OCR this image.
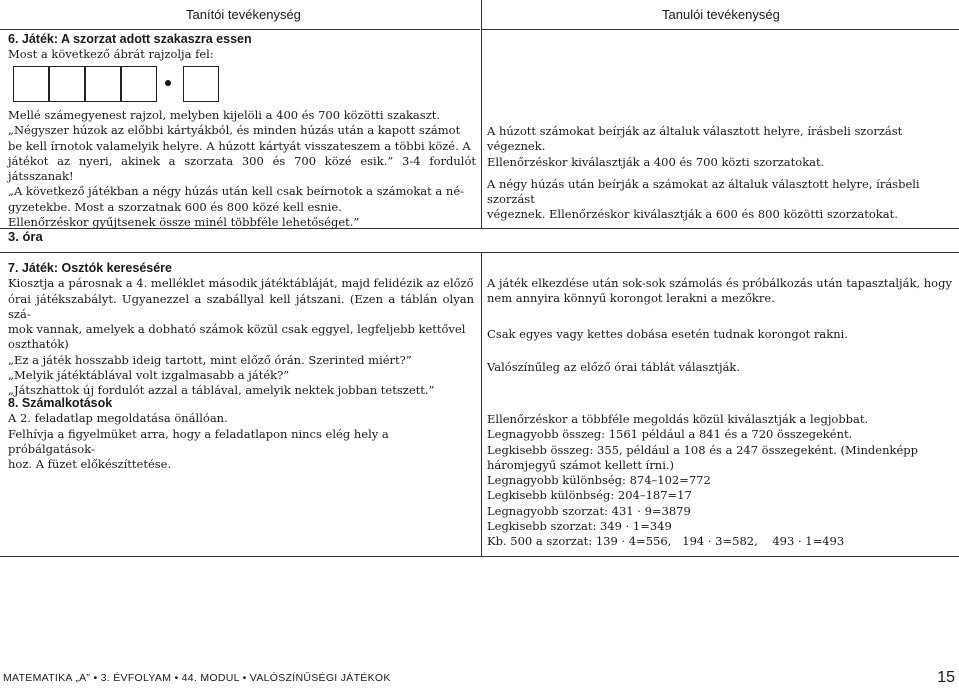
Tanítói tevékenység	Tanulói tevékenység

6. Játék: A szorzat adott szakaszra essen

Most a következő ábrát rajzolja fel:

Mellé számegyenest rajzol, melyben kijelöli a 400 és 700 közötti szakaszt.

„Négyszer húzok az előbbi kártyákból, és minden húzás után a kapott számot

be kell írnotok valamelyik helyre. A húzott kártyát visszateszem a többi közé. A

játékot az nyeri, akinek a szorzata 300 és 700 közé esik.” 3-4 fordulót játsszanak!

„A következő játékban a négy húzás után kell csak beírnotok a számokat a né-

gyzetekbe. Most a szorzatnak 600 és 800 közé kell esnie.

Ellenőrzéskor gyűjtsenek össze minél többféle lehetőséget.”

A húzott számokat beírják az általuk választott helyre, írásbeli szorzást végeznek.

Ellenőrzéskor kiválasztják a 400 és 700 közti szorzatokat.

A négy húzás után beírják a számokat az általuk választott helyre, írásbeli szorzást

végeznek. Ellenőrzéskor kiválasztják a 600 és 800 közötti szorzatokat.

3. óra

7. Játék: Osztók keresésére

Kiosztja a párosnak a 4. melléklet második játéktábláját, majd felidézik az előző

órai játékszabályt. Ugyanezzel a szabállyal kell játszani. (Ezen a táblán olyan szá-

mok vannak, amelyek a dobható számok közül csak eggyel, legfeljebb kettővel

oszthatók)

„Ez a játék hosszabb ideig tartott, mint előző órán. Szerinted miért?”

„Melyik játéktáblával volt izgalmasabb a játék?”

„Játszhattok új fordulót azzal a táblával, amelyik nektek jobban tetszett.”

A játék elkezdése után sok-sok számolás és próbálkozás után tapasztalják, hogy

nem annyira könnyű korongot lerakni a mezőkre.

Csak egyes vagy kettes dobása esetén tudnak korongot rakni.

Valószínűleg az előző órai táblát választják.

8. Számalkotások

A 2. feladatlap megoldatása önállóan.

Felhívja a figyelmüket arra, hogy a feladatlapon nincs elég hely a próbálgatások-

hoz. A füzet előkészíttetése.

Ellenőrzéskor a többféle megoldás közül kiválasztják a legjobbat.

Legnagyobb összeg: 1561 például a 841 és a 720 összegeként.

Legkisebb összeg: 355, például a 108 és a 247 összegeként. (Mindenképp

háromjegyű számot kellett írni.)

Legnagyobb különbség: 874–102=772

Legkisebb különbség: 204–187=17

Legnagyobb szorzat: 431 · 9=3879

Legkisebb szorzat: 349 · 1=349

Kb. 500 a szorzat: 139 · 4=556,   194 · 3=582,    493 · 1=493

MATEMATIKA „A” • 3. ÉVFOLYAM • 44. MODUL • VALÓSZÍNŰSÉGI JÁTÉKOK	15
